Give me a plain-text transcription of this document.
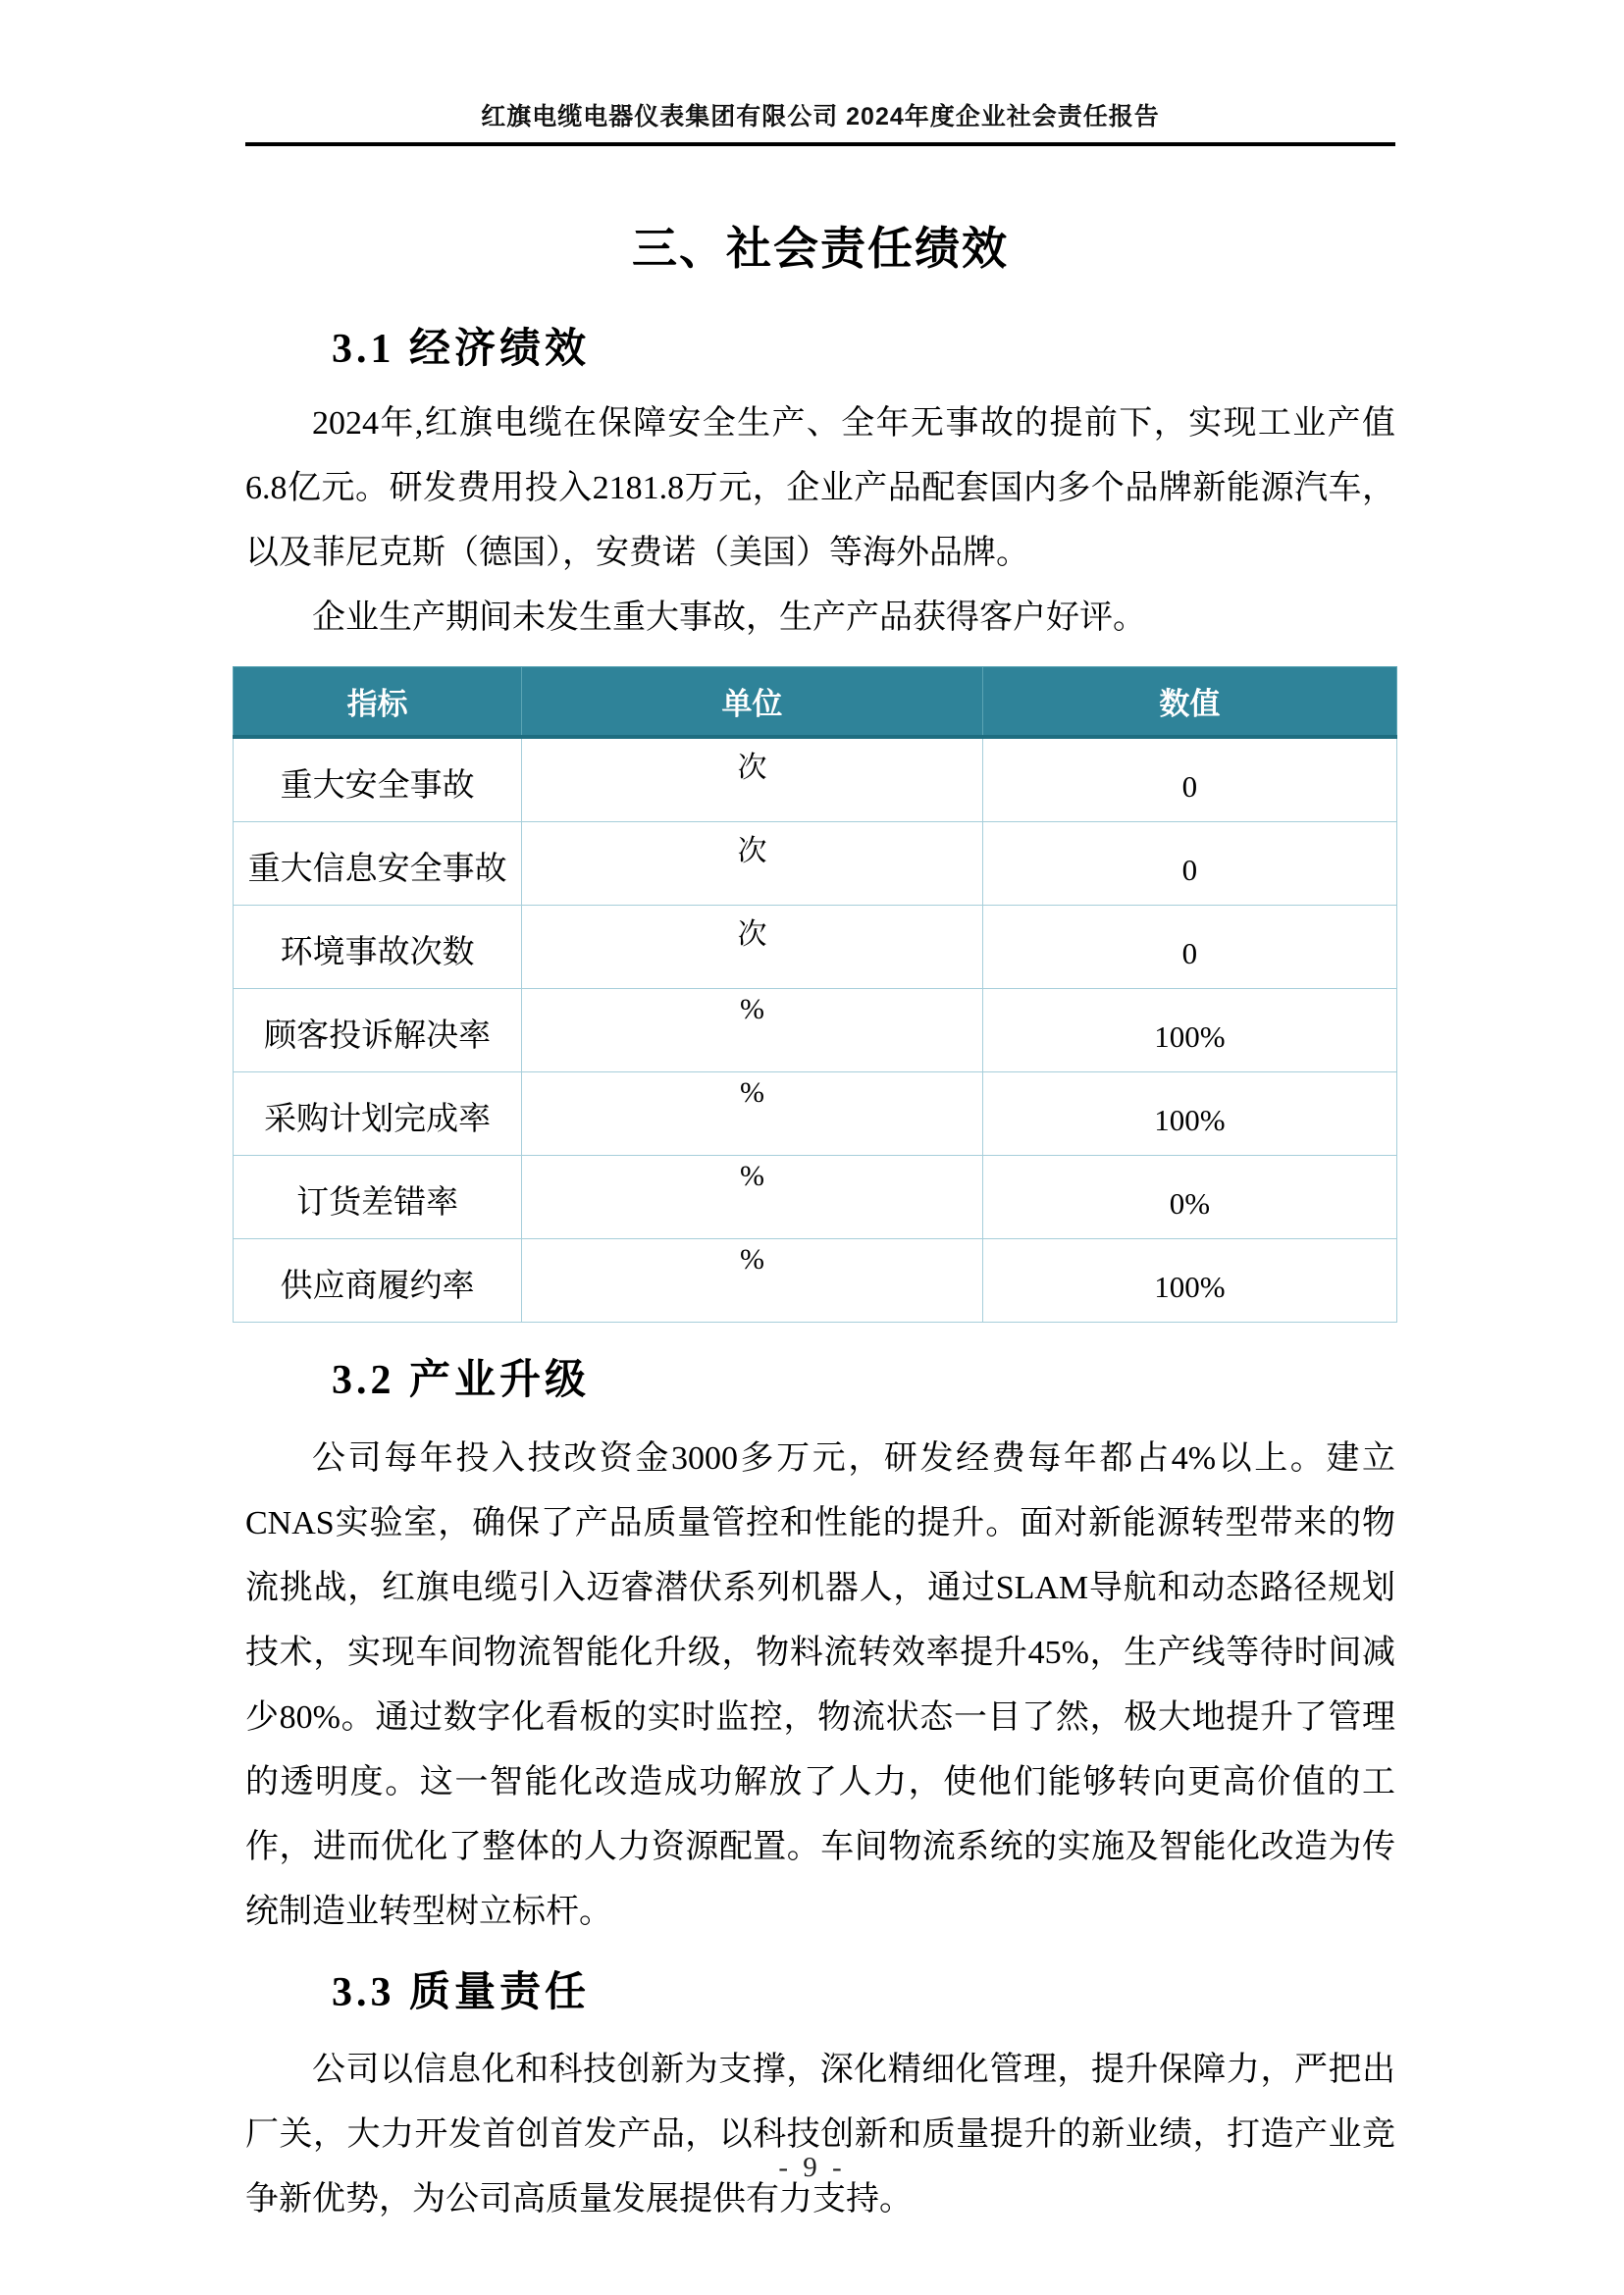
红旗电缆电器仪表集团有限公司 2024年度企业社会责任报告
三、社会责任绩效
3.1 经济绩效

2024年,红旗电缆在保障安全生产、全年无事故的提前下，实现工业产值6.8亿元。研发费用投入2181.8万元，企业产品配套国内多个品牌新能源汽车，以及菲尼克斯（德国），安费诺（美国）等海外品牌。

企业生产期间未发生重大事故，生产产品获得客户好评。

指标	单位	数值
重大安全事故	次	0
重大信息安全事故	次	0
环境事故次数	次	0
顾客投诉解决率	%	100%
采购计划完成率	%	100%
订货差错率	%	0%
供应商履约率	%	100%
3.2 产业升级

公司每年投入技改资金3000多万元，研发经费每年都占4%以上。建立CNAS实验室，确保了产品质量管控和性能的提升。面对新能源转型带来的物流挑战，红旗电缆引入迈睿潜伏系列机器人，通过SLAM导航和动态路径规划技术，实现车间物流智能化升级，物料流转效率提升45%，生产线等待时间减少80%。通过数字化看板的实时监控，物流状态一目了然，极大地提升了管理的透明度。这一智能化改造成功解放了人力，使他们能够转向更高价值的工作，进而优化了整体的人力资源配置。车间物流系统的实施及智能化改造为传统制造业转型树立标杆。

3.3 质量责任

公司以信息化和科技创新为支撑，深化精细化管理，提升保障力，严把出厂关，大力开发首创首发产品，以科技创新和质量提升的新业绩，打造产业竞争新优势，为公司高质量发展提供有力支持。

- 9 -
